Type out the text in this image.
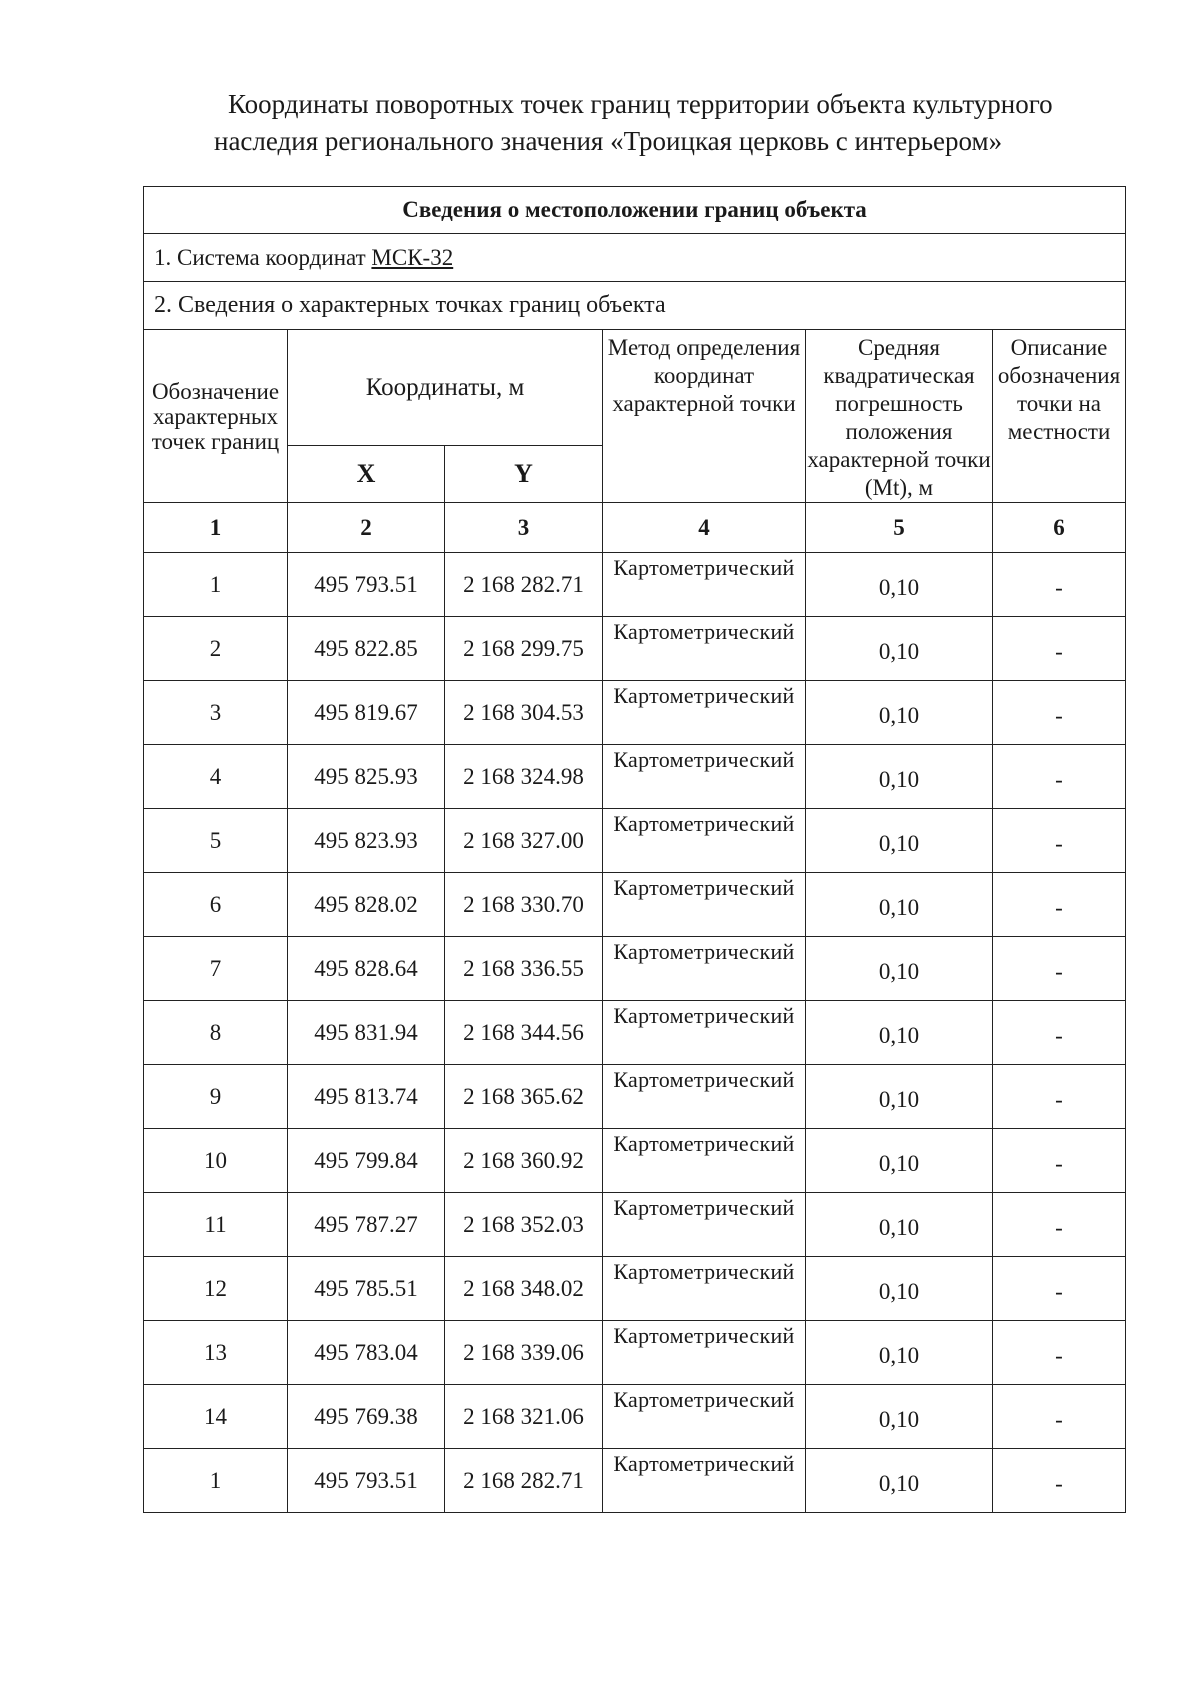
Координаты поворотных точек границ территории объекта культурного
наследия регионального значения «Троицкая церковь с интерьером»
Сведения о местоположении границ объекта					
1. Система координат МСК-32					
2. Сведения о характерных точках границ объекта					
Обозначение характерных точек границ	Координаты, м		Метод определения координат характерной точки	Средняя квадратическая погрешность положения характерной точки (Mt), м	Описание обозначения точки на местности
	X	Y			
1	2	3	4	5	6
1	495 793.51	2 168 282.71	Картометрический	0,10	-
2	495 822.85	2 168 299.75	Картометрический	0,10	-
3	495 819.67	2 168 304.53	Картометрический	0,10	-
4	495 825.93	2 168 324.98	Картометрический	0,10	-
5	495 823.93	2 168 327.00	Картометрический	0,10	-
6	495 828.02	2 168 330.70	Картометрический	0,10	-
7	495 828.64	2 168 336.55	Картометрический	0,10	-
8	495 831.94	2 168 344.56	Картометрический	0,10	-
9	495 813.74	2 168 365.62	Картометрический	0,10	-
10	495 799.84	2 168 360.92	Картометрический	0,10	-
11	495 787.27	2 168 352.03	Картометрический	0,10	-
12	495 785.51	2 168 348.02	Картометрический	0,10	-
13	495 783.04	2 168 339.06	Картометрический	0,10	-
14	495 769.38	2 168 321.06	Картометрический	0,10	-
1	495 793.51	2 168 282.71	Картометрический	0,10	-
